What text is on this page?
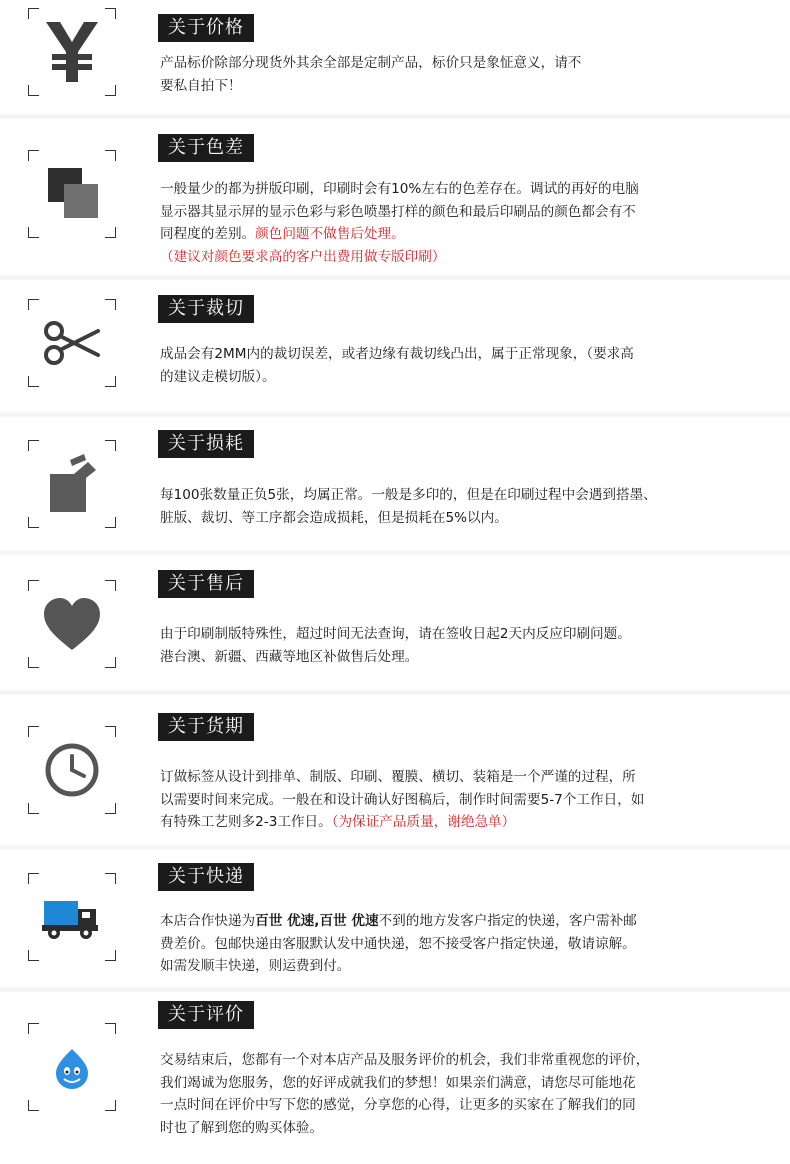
关于价格

产品标价除部分现货外其余全部是定制产品，标价只是象怔意义，请不

要私自拍下！

关于色差

一般量少的都为拼版印刷，印刷时会有10%左右的色差存在。调试的再好的电脑

显示器其显示屏的显示色彩与彩色喷墨打样的颜色和最后印刷品的颜色都会有不

同程度的差别。颜色问题不做售后处理。

（建议对颜色要求高的客户出费用做专版印刷）

关于裁切

成品会有2MM内的裁切误差，或者边缘有裁切线凸出，属于正常现象，（要求高

的建议走模切版）。

关于损耗

每100张数量正负5张，均属正常。一般是多印的，但是在印刷过程中会遇到搭墨、

脏版、裁切、等工序都会造成损耗，但是损耗在5%以内。

关于售后

由于印刷制版特殊性，超过时间无法查询，请在签收日起2天内反应印刷问题。

港台澳、新疆、西藏等地区补做售后处理。

关于货期

订做标签从设计到排单、制版、印刷、覆膜、横切、装箱是一个严谨的过程，所

以需要时间来完成。一般在和设计确认好图稿后，制作时间需要5-7个工作日，如

有特殊工艺则多2-3工作日。（为保证产品质量，谢绝急单）

关于快递

本店合作快递为百世 优速,百世 优速不到的地方发客户指定的快递，客户需补邮

费差价。包邮快递由客服默认发中通快递，恕不接受客户指定快递，敬请谅解。

如需发顺丰快递，则运费到付。

关于评价

交易结束后，您都有一个对本店产品及服务评价的机会，我们非常重视您的评价，

我们竭诚为您服务，您的好评成就我们的梦想！如果亲们满意，请您尽可能地花

一点时间在评价中写下您的感觉，分享您的心得，让更多的买家在了解我们的同

时也了解到您的购买体验。
